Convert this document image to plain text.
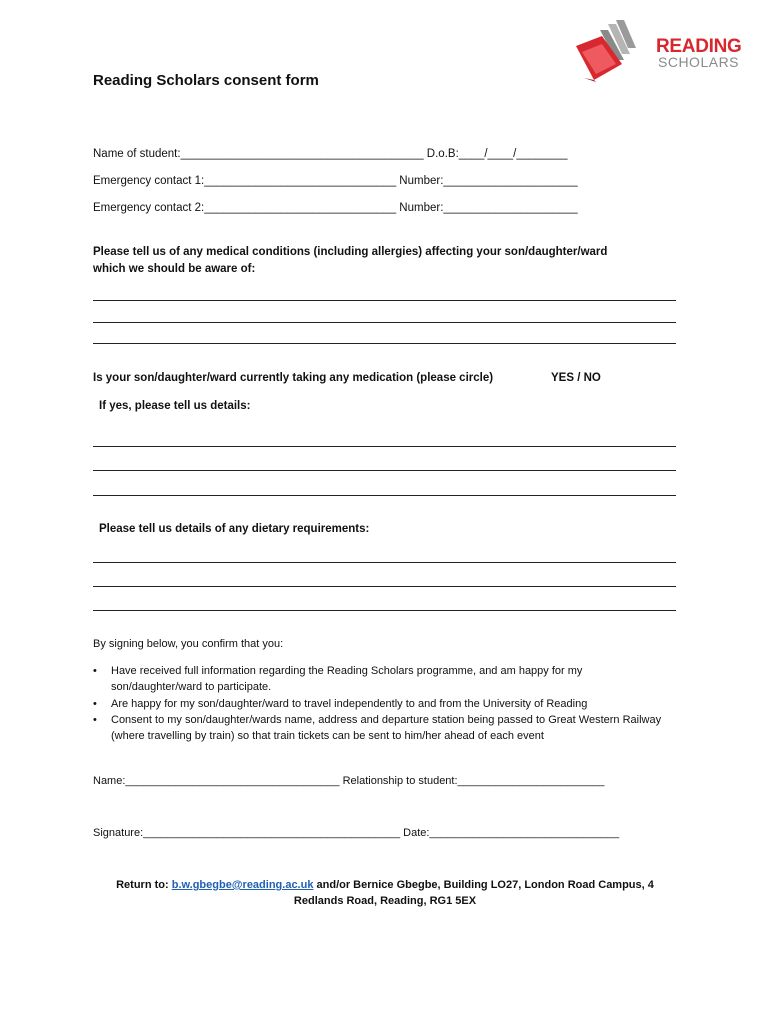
READING
SCHOLARS
Reading Scholars consent form
Name of student:______________________________________ D.o.B:____/____/________
Emergency contact 1:______________________________ Number:_____________________
Emergency contact 2:______________________________ Number:_____________________
Please tell us of any medical conditions (including allergies) affecting your son/daughter/ward
which we should be aware of:
Is your son/daughter/ward currently taking any medication (please circle)	YES / NO
If yes, please tell us details:
Please tell us details of any dietary requirements:
By signing below, you confirm that you:
• Have received full information regarding the Reading Scholars programme, and am happy for my son/daughter/ward to participate.
• Are happy for my son/daughter/ward to travel independently to and from the University of Reading
• Consent to my son/daughter/wards name, address and departure station being passed to Great Western Railway (where travelling by train) so that train tickets can be sent to him/her ahead of each event
Name:___________________________________ Relationship to student:________________________
Signature:__________________________________________ Date:_______________________________
Return to: b.w.gbegbe@reading.ac.uk and/or Bernice Gbegbe, Building LO27, London Road Campus, 4
Redlands Road, Reading, RG1 5EX
